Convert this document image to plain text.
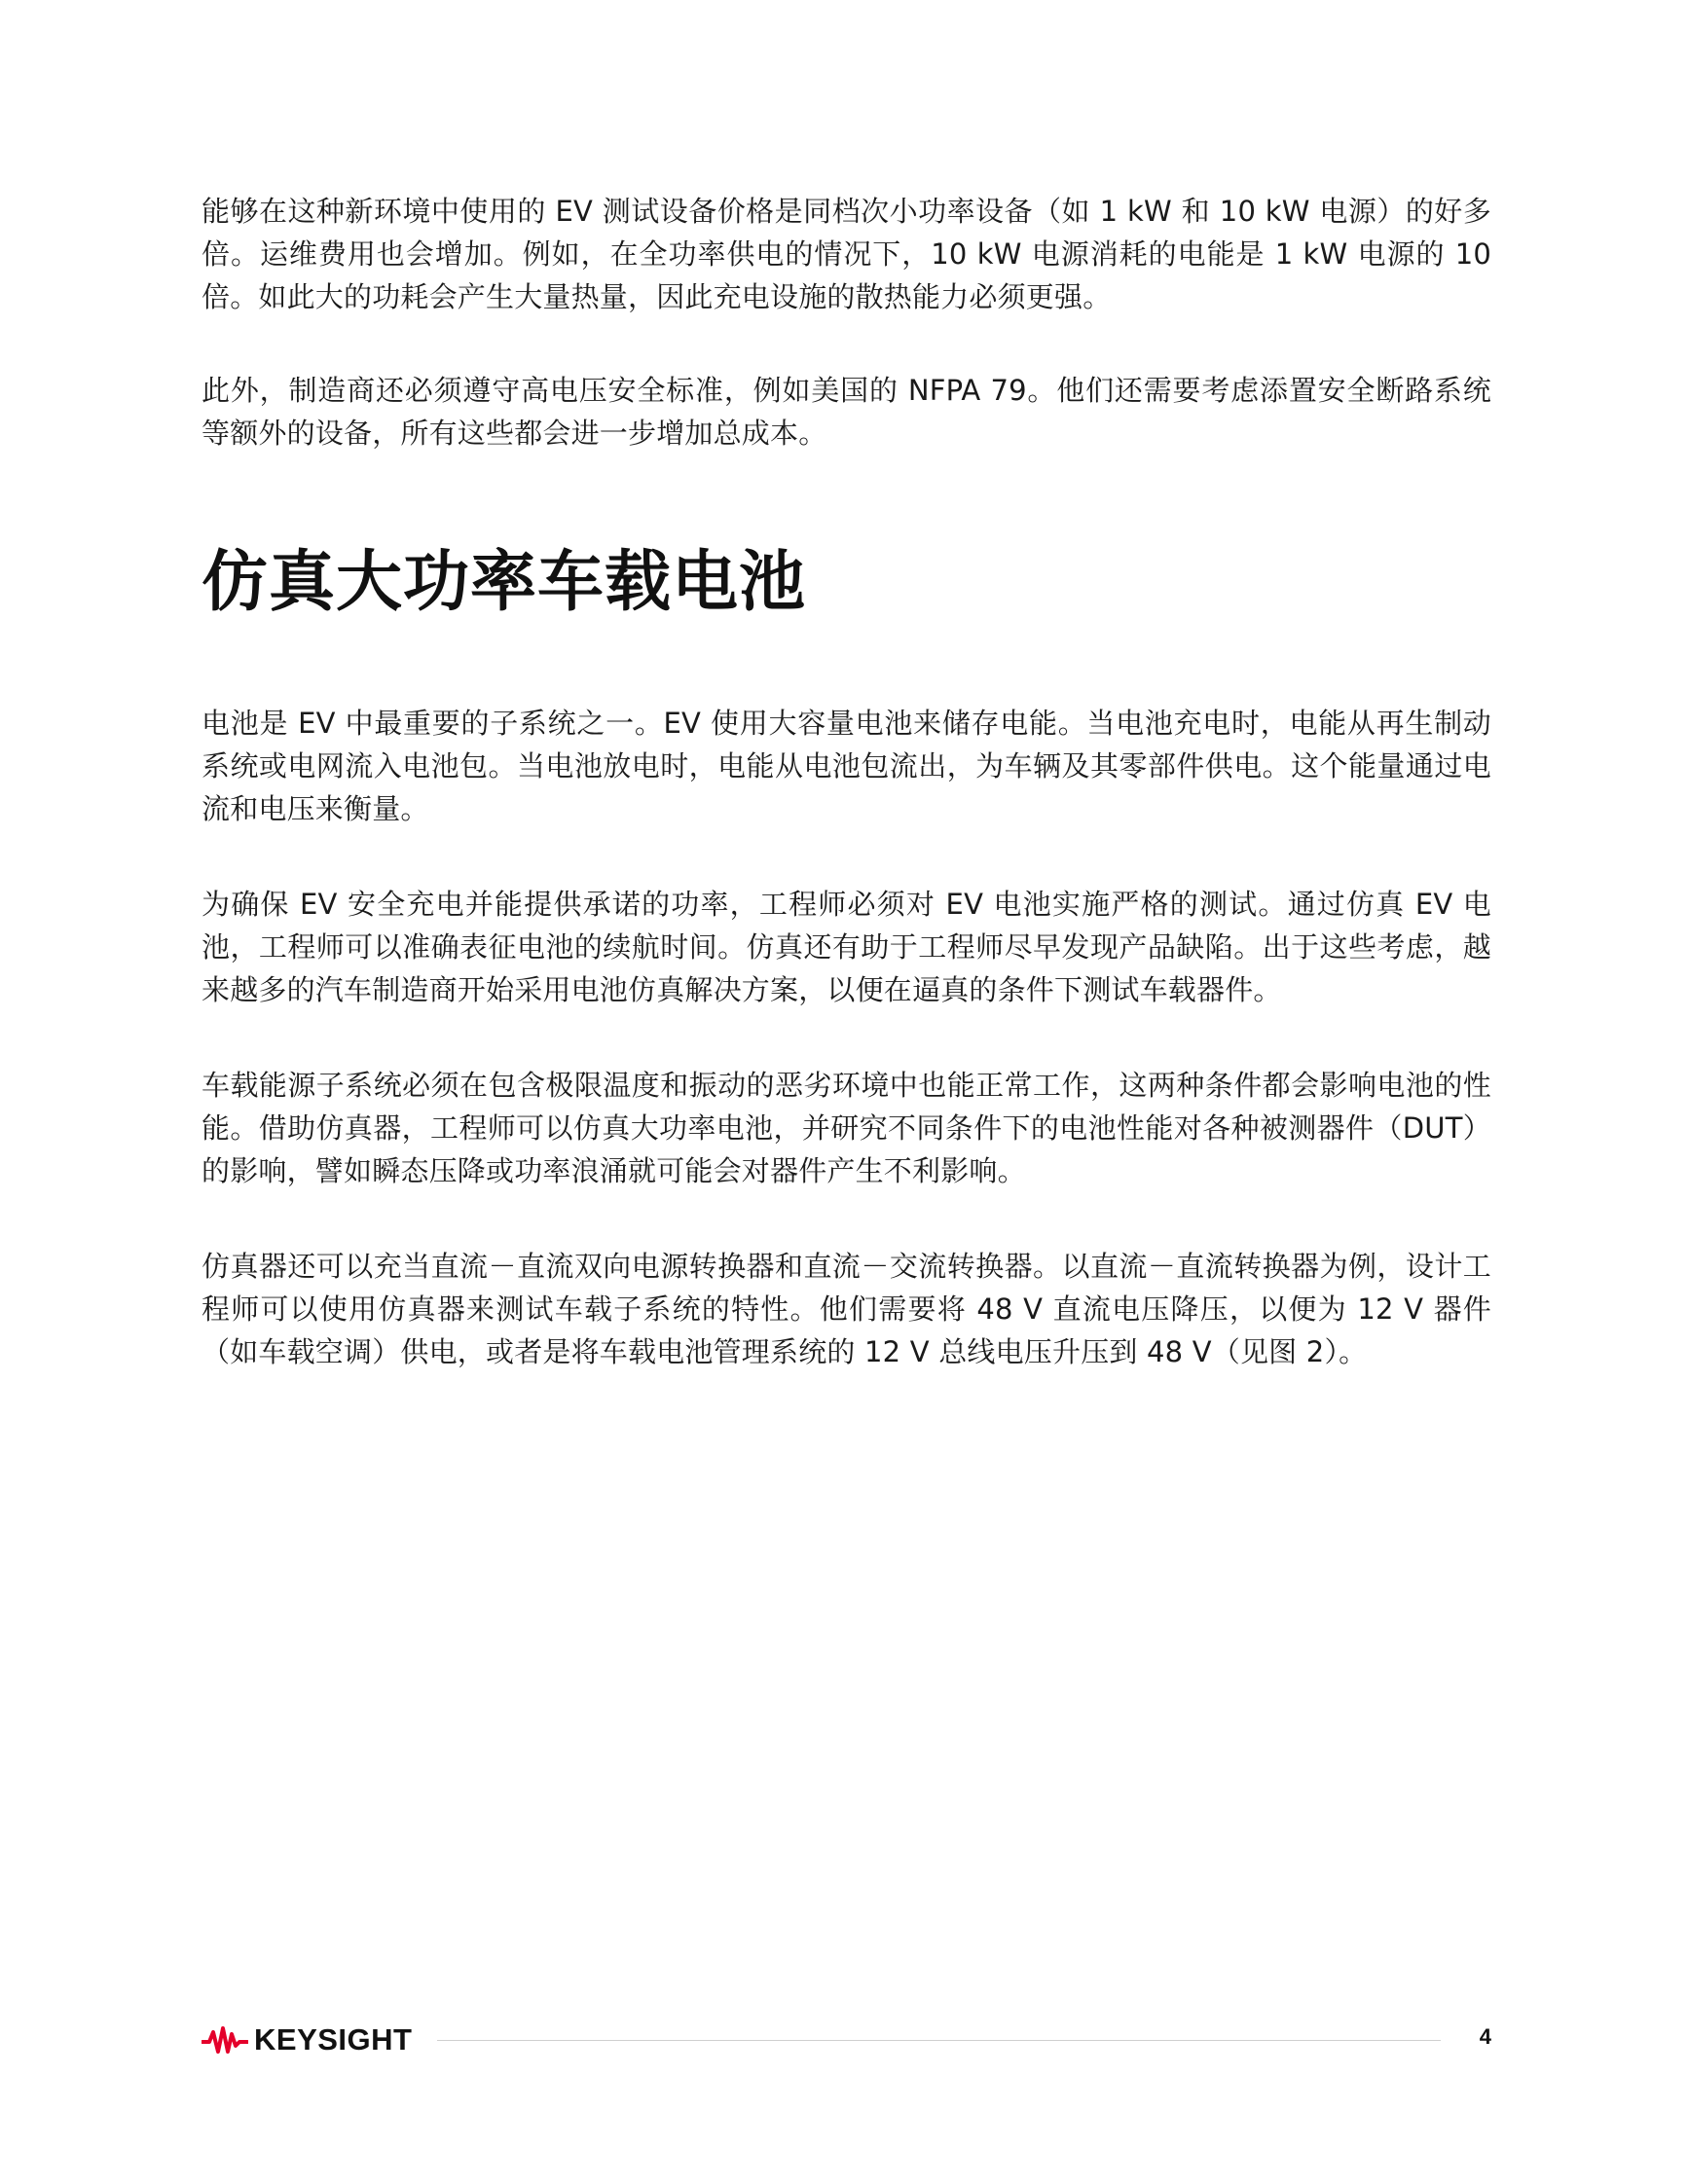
能够在这种新环境中使用的 EV 测试设备价格是同档次小功率设备（如 1 kW 和 10 kW 电源）的好多倍。运维费用也会增加。例如，在全功率供电的情况下，10 kW 电源消耗的电能是 1 kW 电源的 10 倍。如此大的功耗会产生大量热量，因此充电设施的散热能力必须更强。

此外，制造商还必须遵守高电压安全标准，例如美国的 NFPA 79。他们还需要考虑添置安全断路系统等额外的设备，所有这些都会进一步增加总成本。

仿真大功率车载电池

电池是 EV 中最重要的子系统之一。EV 使用大容量电池来储存电能。当电池充电时，电能从再生制动系统或电网流入电池包。当电池放电时，电能从电池包流出，为车辆及其零部件供电。这个能量通过电流和电压来衡量。

为确保 EV 安全充电并能提供承诺的功率，工程师必须对 EV 电池实施严格的测试。通过仿真 EV 电池，工程师可以准确表征电池的续航时间。仿真还有助于工程师尽早发现产品缺陷。出于这些考虑，越来越多的汽车制造商开始采用电池仿真解决方案，以便在逼真的条件下测试车载器件。

车载能源子系统必须在包含极限温度和振动的恶劣环境中也能正常工作，这两种条件都会影响电池的性能。借助仿真器，工程师可以仿真大功率电池，并研究不同条件下的电池性能对各种被测器件（DUT）的影响，譬如瞬态压降或功率浪涌就可能会对器件产生不利影响。

仿真器还可以充当直流－直流双向电源转换器和直流－交流转换器。以直流－直流转换器为例，设计工程师可以使用仿真器来测试车载子系统的特性。他们需要将 48 V 直流电压降压，以便为 12 V 器件（如车载空调）供电，或者是将车载电池管理系统的 12 V 总线电压升压到 48 V（见图 2）。

KEYSIGHT	4
